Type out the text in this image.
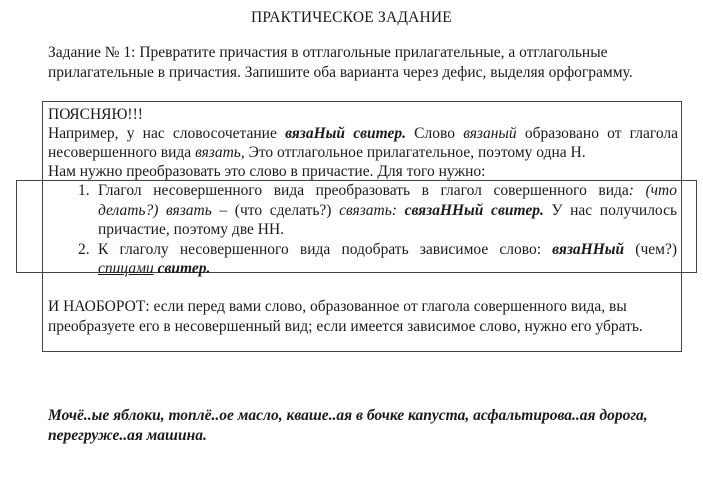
ПРАКТИЧЕСКОЕ ЗАДАНИЕ
Задание № 1: Превратите причастия в отглагольные прилагательные, а отглагольные
прилагательные в причастия. Запишите оба варианта через дефис, выделяя орфограмму.

ПОЯСНЯЮ!!!

Например, у нас словосочетание вязаНый свитер. Слово вязаный образовано от глагола несовершенного вида вязать, Это отглагольное прилагательное, поэтому одна Н.

Нам нужно преобразовать это слово в причастие. Для того нужно:

1. Глагол несовершенного вида преобразовать в глагол совершенного вида: (что делать?) вязать – (что сделать?) связать: связаННый свитер. У нас получилось причастие, поэтому две НН.
2. К глаголу несовершенного вида подобрать зависимое слово: вязаННый (чем?) спицами свитер.
И НАОБОРОТ: если перед вами слово, образованное от глагола совершенного вида, вы преобразуете его в несовершенный вид; если имеется зависимое слово, нужно его убрать.
Мочё..ые яблоки, топлё..ое масло, кваше..ая в бочке капуста, асфальтирова..ая дорога, перегруже..ая машина.
